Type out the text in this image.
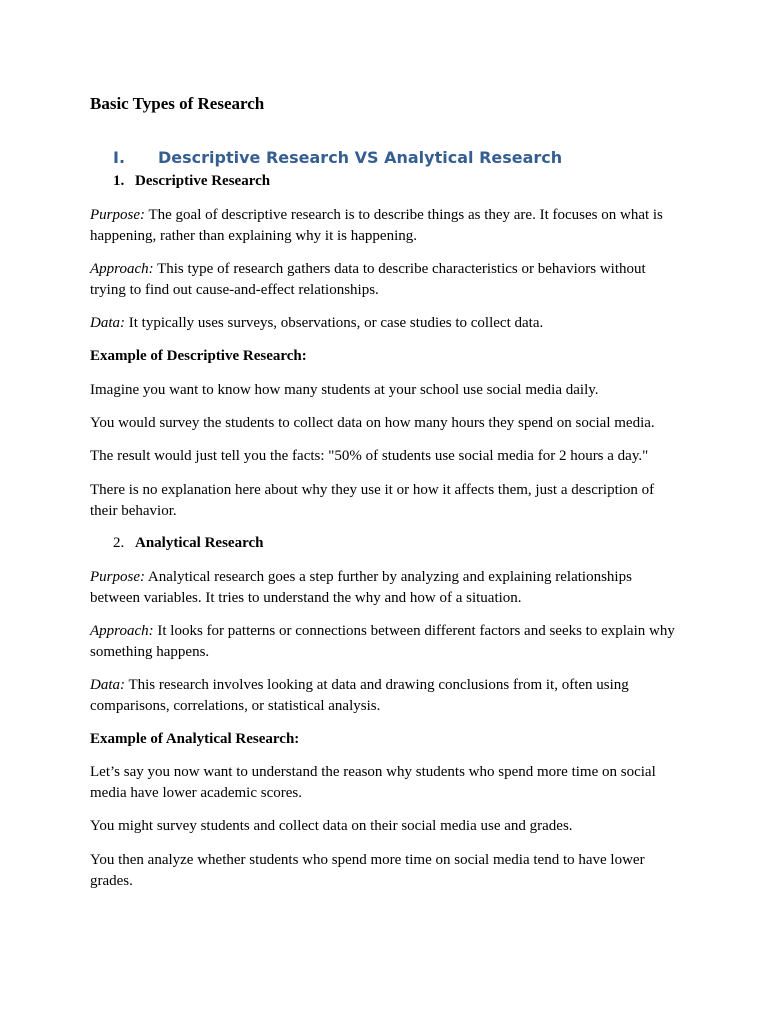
Basic Types of Research
I. Descriptive Research VS Analytical Research
1. Descriptive Research

Purpose: The goal of descriptive research is to describe things as they are. It focuses on what is happening, rather than explaining why it is happening.

Approach: This type of research gathers data to describe characteristics or behaviors without trying to find out cause-and-effect relationships.

Data: It typically uses surveys, observations, or case studies to collect data.

Example of Descriptive Research:

Imagine you want to know how many students at your school use social media daily.

You would survey the students to collect data on how many hours they spend on social media.

The result would just tell you the facts: "50% of students use social media for 2 hours a day."

There is no explanation here about why they use it or how it affects them, just a description of their behavior.

2. Analytical Research

Purpose: Analytical research goes a step further by analyzing and explaining relationships between variables. It tries to understand the why and how of a situation.

Approach: It looks for patterns or connections between different factors and seeks to explain why something happens.

Data: This research involves looking at data and drawing conclusions from it, often using comparisons, correlations, or statistical analysis.

Example of Analytical Research:

Let’s say you now want to understand the reason why students who spend more time on social media have lower academic scores.

You might survey students and collect data on their social media use and grades.

You then analyze whether students who spend more time on social media tend to have lower grades.
